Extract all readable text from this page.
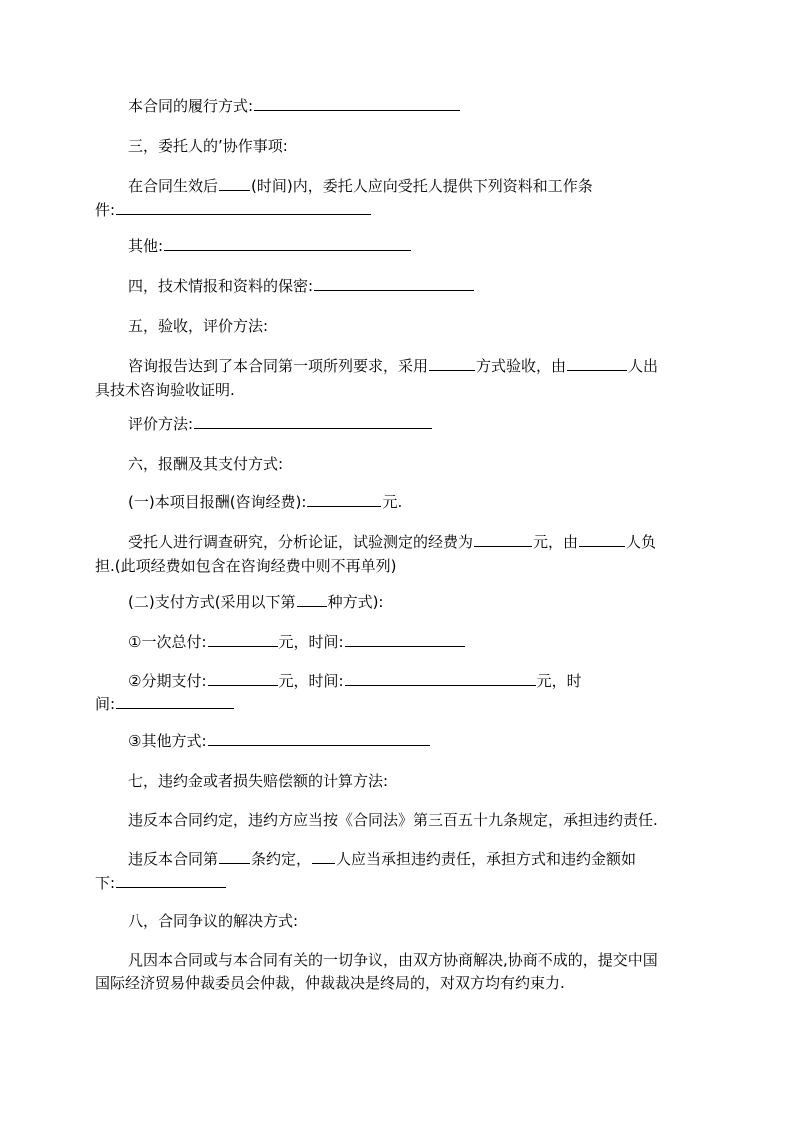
本合同的履行方式:

三，委托人的’协作事项:

在合同生效后 (时间)内，委托人应向受托人提供下列资料和工作条

件:

其他:

四，技术情报和资料的保密:

五，验收，评价方法:

咨询报告达到了本合同第一项所列要求，采用	方式验收，由	人出

具技术咨询验收证明.

评价方法:

六，报酬及其支付方式:

(一)本项目报酬(咨询经费):	元.

受托人进行调查研究，分析论证，试验测定的经费为	元，由	人负

担.(此项经费如包含在咨询经费中则不再单列)

(二)支付方式(采用以下第 种方式):

①一次总付:	元，时间:

②分期支付:	元，时间:	元，时

间:

③其他方式:

七，违约金或者损失赔偿额的计算方法:

违反本合同约定，违约方应当按《合同法》第三百五十九条规定，承担违约责任.

违反本合同第 条约定， 人应当承担违约责任，承担方式和违约金额如

下:

八，合同争议的解决方式:

凡因本合同或与本合同有关的一切争议，由双方协商解决,协商不成的，提交中国

国际经济贸易仲裁委员会仲裁，仲裁裁决是终局的，对双方均有约束力.
